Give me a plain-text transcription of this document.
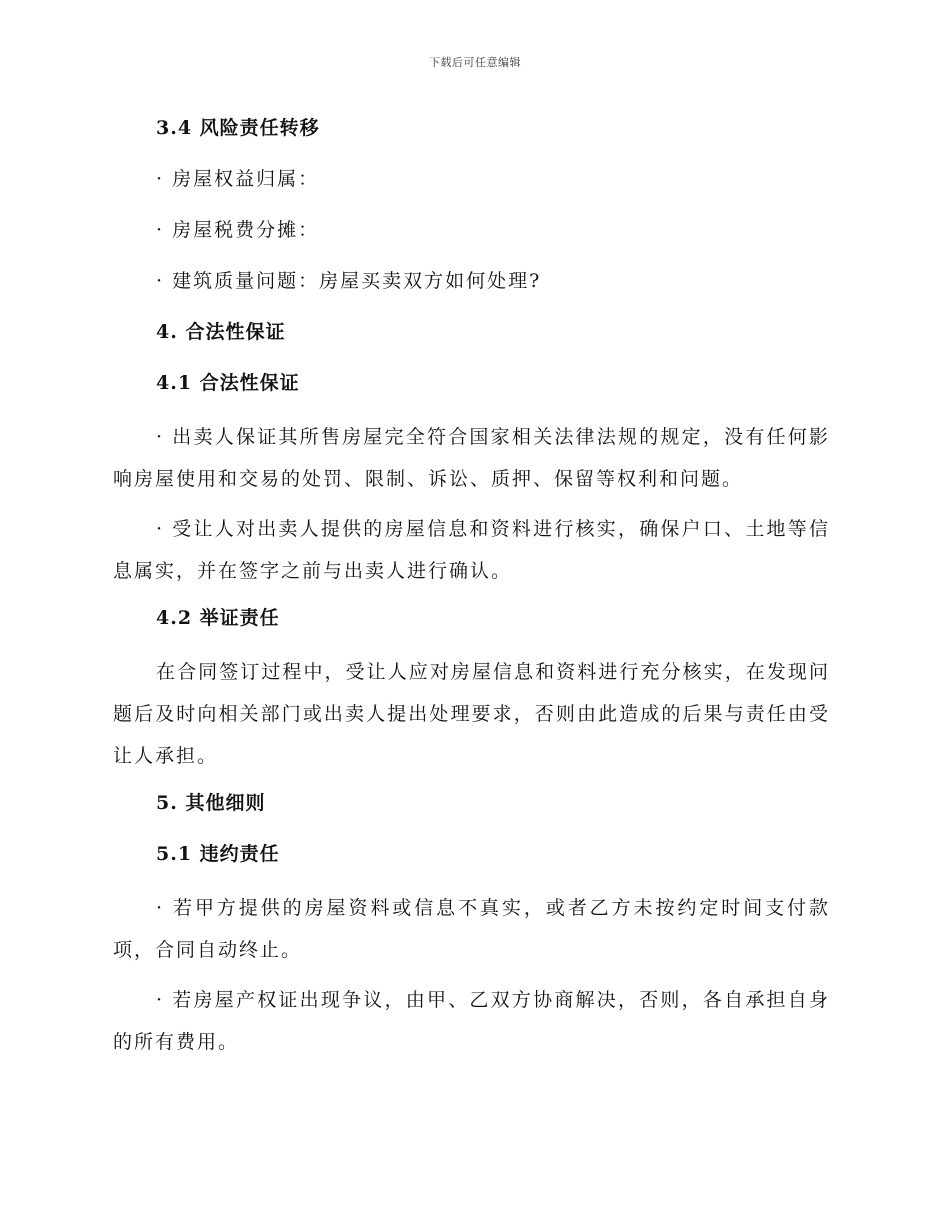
下载后可任意编辑
3.4 风险责任转移
· 房屋权益归属：
· 房屋税费分摊：
· 建筑质量问题：房屋买卖双方如何处理?
4. 合法性保证
4.1 合法性保证
· 出卖人保证其所售房屋完全符合国家相关法律法规的规定，没有任何影响房屋使用和交易的处罚、限制、诉讼、质押、保留等权利和问题。
· 受让人对出卖人提供的房屋信息和资料进行核实，确保户口、土地等信息属实，并在签字之前与出卖人进行确认。
4.2 举证责任
在合同签订过程中，受让人应对房屋信息和资料进行充分核实，在发现问题后及时向相关部门或出卖人提出处理要求，否则由此造成的后果与责任由受让人承担。
5. 其他细则
5.1 违约责任
· 若甲方提供的房屋资料或信息不真实，或者乙方未按约定时间支付款项，合同自动终止。
· 若房屋产权证出现争议，由甲、乙双方协商解决，否则，各自承担自身的所有费用。
